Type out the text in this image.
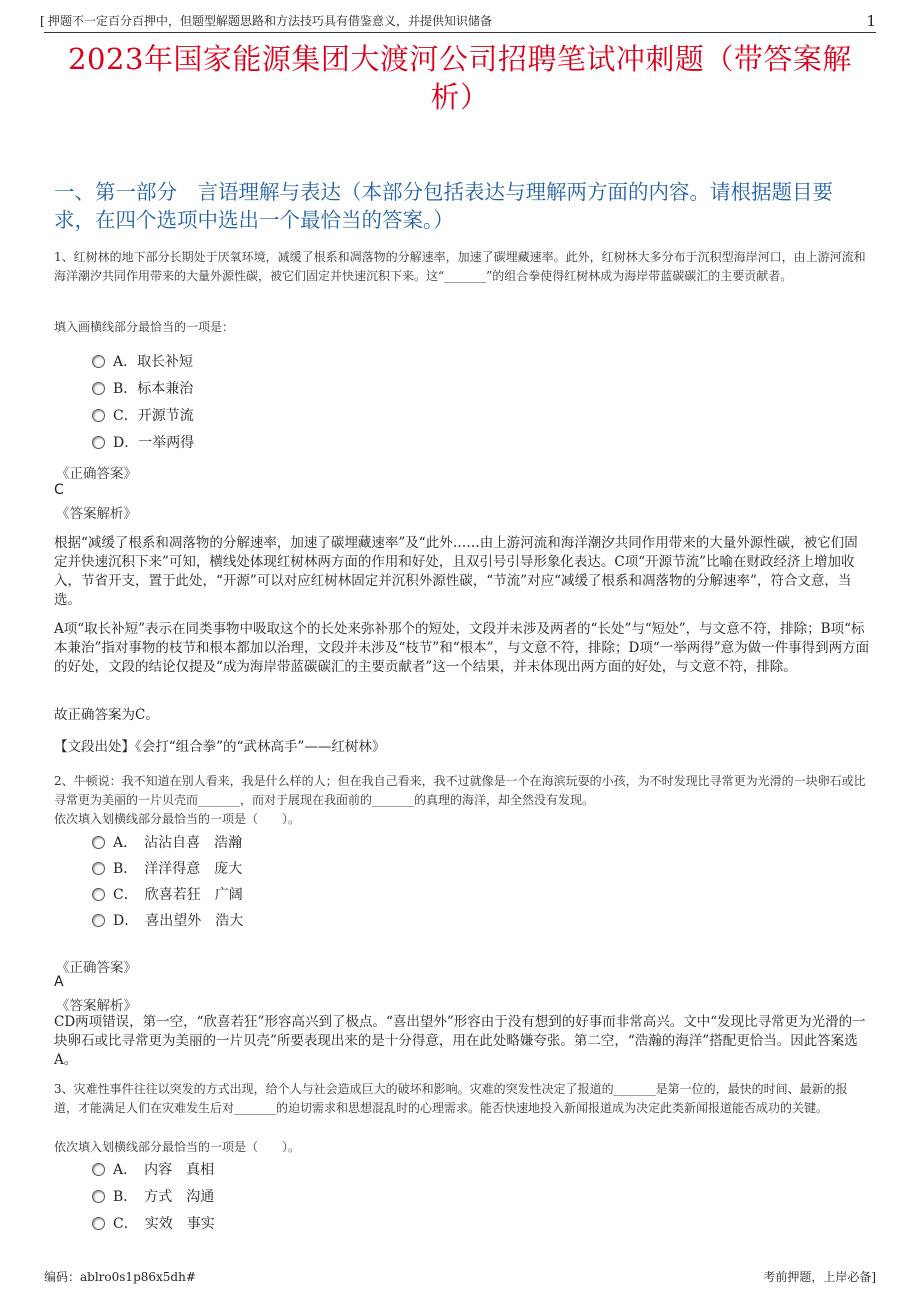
[ 押题不一定百分百押中，但题型解题思路和方法技巧具有借鉴意义，并提供知识储备	1
2023年国家能源集团大渡河公司招聘笔试冲刺题（带答案解析）
一、第一部分　言语理解与表达（本部分包括表达与理解两方面的内容。请根据题目要求，在四个选项中选出一个最恰当的答案。）
1、红树林的地下部分长期处于厌氧环境，减缓了根系和凋落物的分解速率，加速了碳埋藏速率。此外，红树林大多分布于沉积型海岸河口，由上游河流和海洋潮汐共同作用带来的大量外源性碳，被它们固定并快速沉积下来。这“_______”的组合拳使得红树林成为海岸带蓝碳碳汇的主要贡献者。
填入画横线部分最恰当的一项是：
A．取长补短
B．标本兼治
C．开源节流
D．一举两得
《正确答案》
C
《答案解析》
根据“减缓了根系和凋落物的分解速率，加速了碳埋藏速率”及“此外……由上游河流和海洋潮汐共同作用带来的大量外源性碳，被它们固定并快速沉积下来”可知，横线处体现红树林两方面的作用和好处，且双引号引导形象化表达。C项“开源节流”比喻在财政经济上增加收入，节省开支，置于此处，“开源”可以对应红树林固定并沉积外源性碳，“节流”对应“减缓了根系和凋落物的分解速率”，符合文意，当选。
A项“取长补短”表示在同类事物中吸取这个的长处来弥补那个的短处，文段并未涉及两者的“长处”与“短处”，与文意不符，排除；B项“标本兼治”指对事物的枝节和根本都加以治理，文段并未涉及“枝节”和“根本”，与文意不符，排除；D项“一举两得”意为做一件事得到两方面的好处，文段的结论仅提及“成为海岸带蓝碳碳汇的主要贡献者”这一个结果，并未体现出两方面的好处，与文意不符，排除。
故正确答案为C。
【文段出处】《会打“组合拳”的“武林高手”——红树林》
2、牛顿说：我不知道在别人看来，我是什么样的人；但在我自己看来，我不过就像是一个在海滨玩耍的小孩，为不时发现比寻常更为光滑的一块卵石或比寻常更为美丽的一片贝壳而_______，而对于展现在我面前的_______的真理的海洋，却全然没有发现。
依次填入划横线部分最恰当的一项是（　　）。
A．　沾沾自喜　浩瀚
B．　洋洋得意　庞大
C．　欣喜若狂　广阔
D．　喜出望外　浩大
《正确答案》
A
《答案解析》
CD两项错误，第一空，“欣喜若狂”形容高兴到了极点。“喜出望外”形容由于没有想到的好事而非常高兴。文中“发现比寻常更为光滑的一块卵石或比寻常更为美丽的一片贝壳”所要表现出来的是十分得意，用在此处略嫌夸张。第二空，“浩瀚的海洋”搭配更恰当。因此答案选A。
3、灾难性事件往往以突发的方式出现，给个人与社会造成巨大的破坏和影响。灾难的突发性决定了报道的_______是第一位的，最快的时间、最新的报道，才能满足人们在灾难发生后对_______的迫切需求和思想混乱时的心理需求。能否快速地投入新闻报道成为决定此类新闻报道能否成功的关键。
依次填入划横线部分最恰当的一项是（　　）。
A．　内容　真相
B．　方式　沟通
C．　实效　事实
编码：ablro0s1p86x5dh#	考前押题，上岸必备]
